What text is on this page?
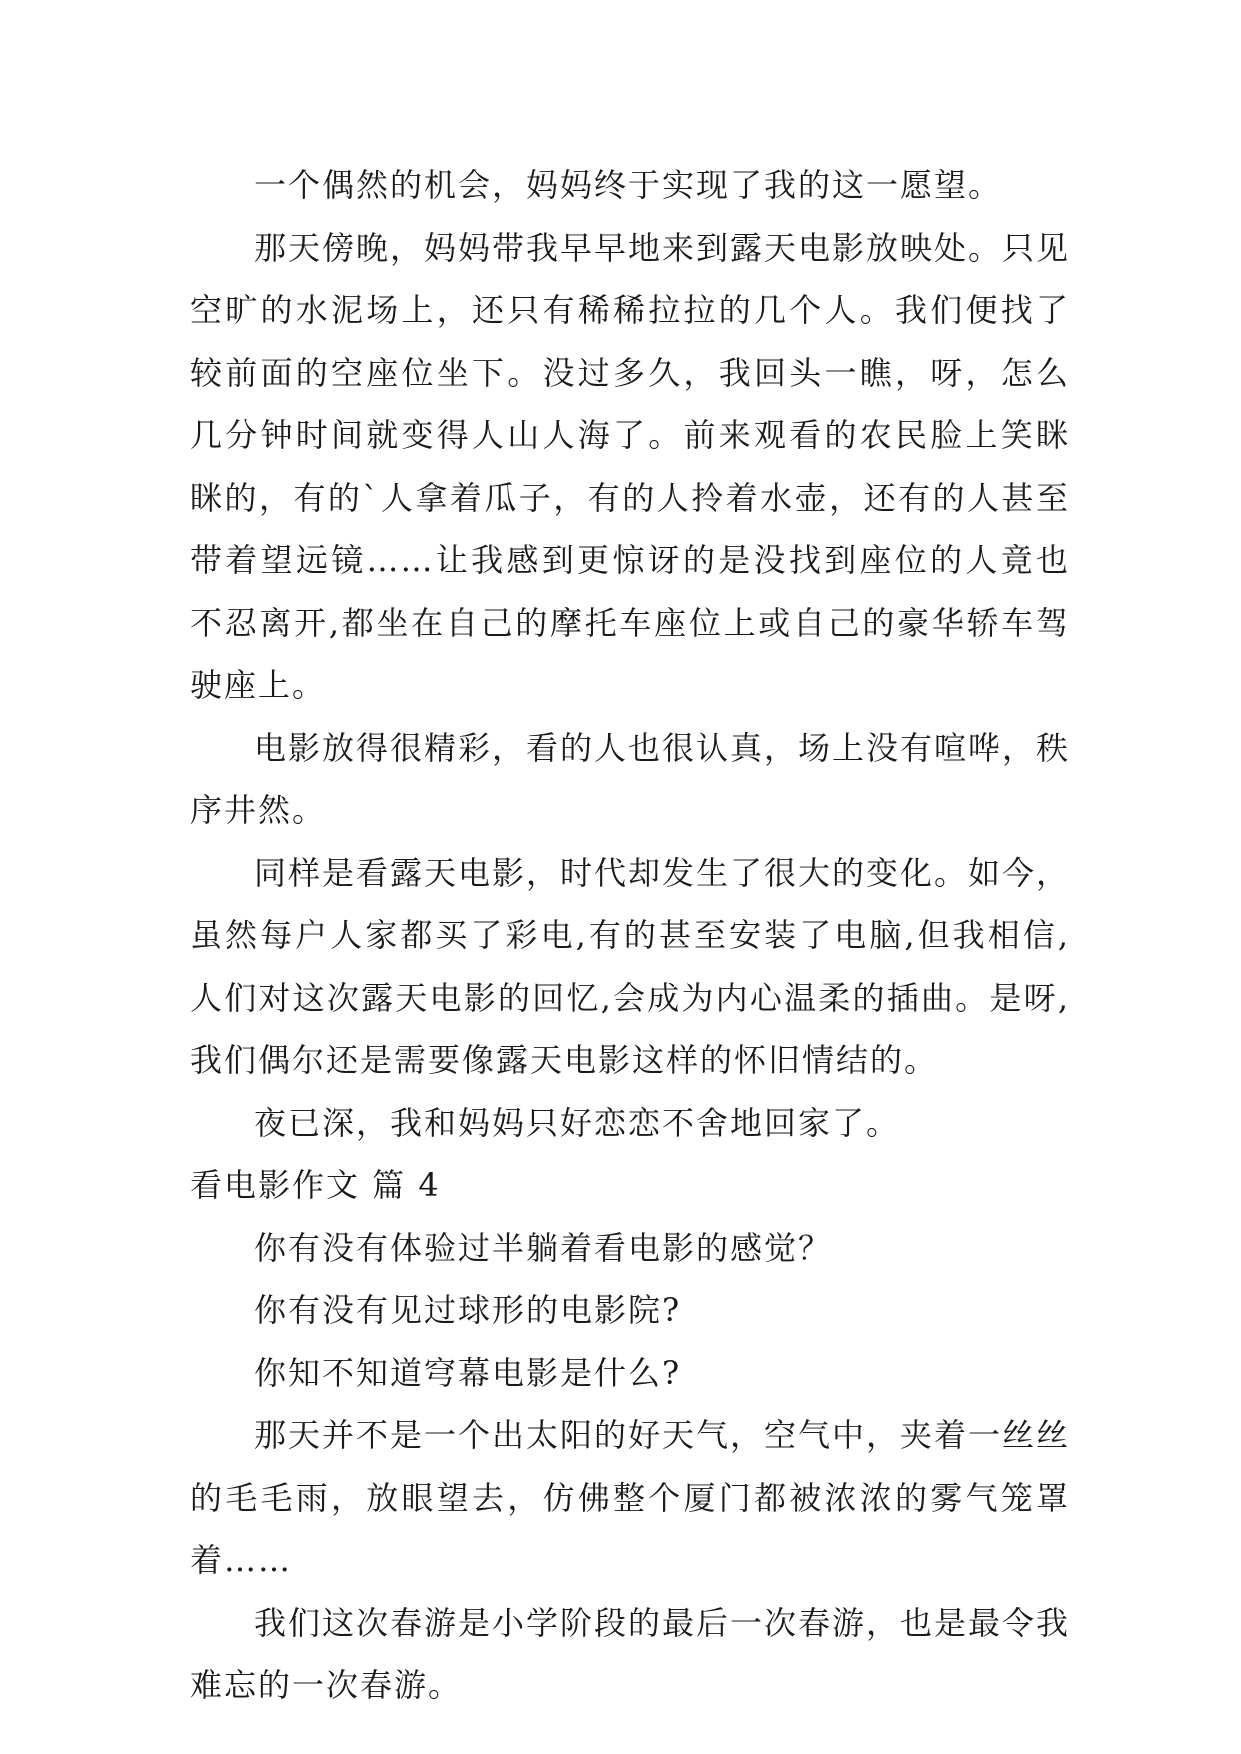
一个偶然的机会，妈妈终于实现了我的这一愿望。

那天傍晚，妈妈带我早早地来到露天电影放映处。只见空旷的水泥场上，还只有稀稀拉拉的几个人。我们便找了较前面的空座位坐下。没过多久，我回头一瞧，呀，怎么几分钟时间就变得人山人海了。前来观看的农民脸上笑眯眯的，有的`人拿着瓜子，有的人拎着水壶，还有的人甚至带着望远镜……让我感到更惊讶的是没找到座位的人竟也不忍离开,都坐在自己的摩托车座位上或自己的豪华轿车驾驶座上。

电影放得很精彩，看的人也很认真，场上没有喧哗，秩序井然。

同样是看露天电影，时代却发生了很大的变化。如今，虽然每户人家都买了彩电,有的甚至安装了电脑,但我相信,人们对这次露天电影的回忆,会成为内心温柔的插曲。是呀,我们偶尔还是需要像露天电影这样的怀旧情结的。

夜已深，我和妈妈只好恋恋不舍地回家了。

看电影作文 篇 4

你有没有体验过半躺着看电影的感觉？

你有没有见过球形的电影院?

你知不知道穹幕电影是什么?

那天并不是一个出太阳的好天气，空气中，夹着一丝丝的毛毛雨，放眼望去，仿佛整个厦门都被浓浓的雾气笼罩着……

我们这次春游是小学阶段的最后一次春游，也是最令我难忘的一次春游。
